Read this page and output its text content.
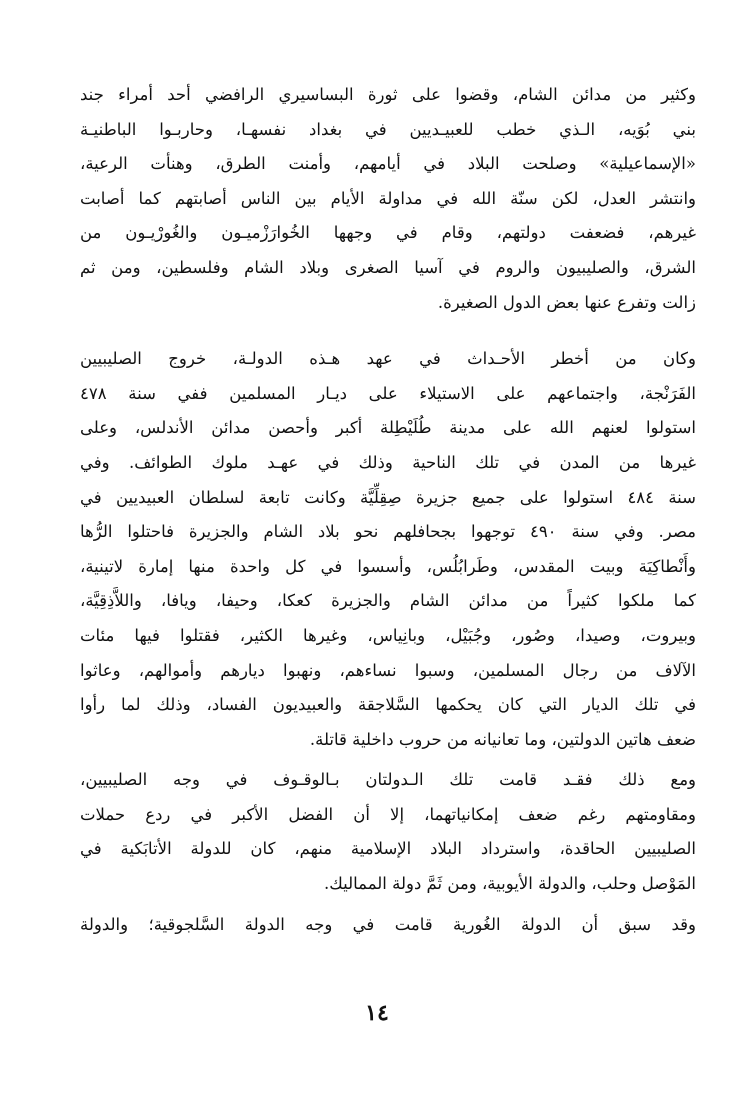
وكثير من مدائن الشام، وقضوا على ثورة البساسيري الرافضي أحد أمراء جند
بني بُوَيه، الـذي خطب للعبيـديين في بغداد نفسهـا، وحاربـوا الباطنيـة
«الإسماعيلية» وصلحت البلاد في أيامهم، وأمنت الطرق، وهنأت الرعية،
وانتشر العدل، لكن سنّة الله في مداولة الأيام بين الناس أصابتهم كما أصابت
غيرهم، فضعفت دولتهم، وقام في وجهها الخُوارَزْميـون والغُورْيـون من
الشرق، والصليبيون والروم في آسيا الصغرى وبلاد الشام وفلسطين، ومن ثم
زالت وتفرع عنها بعض الدول الصغيرة.
وكان من أخطر الأحـداث في عهد هـذه الدولـة، خروج الصليبيين
الفَرَنْجة، واجتماعهم على الاستيلاء على ديـار المسلمين ففي سنة ٤٧٨
استولوا لعنهم الله على مدينة طُلَيْطِلة أكبر وأحصن مدائن الأندلس، وعلى
غيرها من المدن في تلك الناحية وذلك في عهـد ملوك الطوائف. وفي
سنة ٤٨٤ استولوا على جميع جزيرة صِقِلِّيَّة وكانت تابعة لسلطان العبيديين في
مصر. وفي سنة ٤٩٠ توجهوا بجحافلهم نحو بلاد الشام والجزيرة فاحتلوا الرُّها
وأَنْطاكِيَة وبيت المقدس، وطَرابُلُس، وأسسوا في كل واحدة منها إمارة لاتينية،
كما ملكوا كثيراً من مدائن الشام والجزيرة كعكا، وحيفا، ويافا، واللاَّذِقِيَّة،
وبيروت، وصيدا، وصُور، وجُبَيْل، وبانِياس، وغيرها الكثير، فقتلوا فيها مئات
الآلاف من رجال المسلمين، وسبوا نساءهم، ونهبوا ديارهم وأموالهم، وعاثوا
في تلك الديار التي كان يحكمها السَّلاجقة والعبيديون الفساد، وذلك لما رأوا
ضعف هاتين الدولتين، وما تعانيانه من حروب داخلية قاتلة.
ومع ذلك فقـد قامت تلك الـدولتان بـالوقـوف في وجه الصليبيين،
ومقاومتهم رغم ضعف إمكانياتهما، إلا أن الفضل الأكبر في ردع حملات
الصليبيين الحاقدة، واسترداد البلاد الإسلامية منهم، كان للدولة الأتابَكية في
المَوْصل وحلب، والدولة الأيوبية، ومن ثَمَّ دولة المماليك.
وقد سبق أن الدولة الغُورية قامت في وجه الدولة السَّلجوقية؛ والدولة
١٤
